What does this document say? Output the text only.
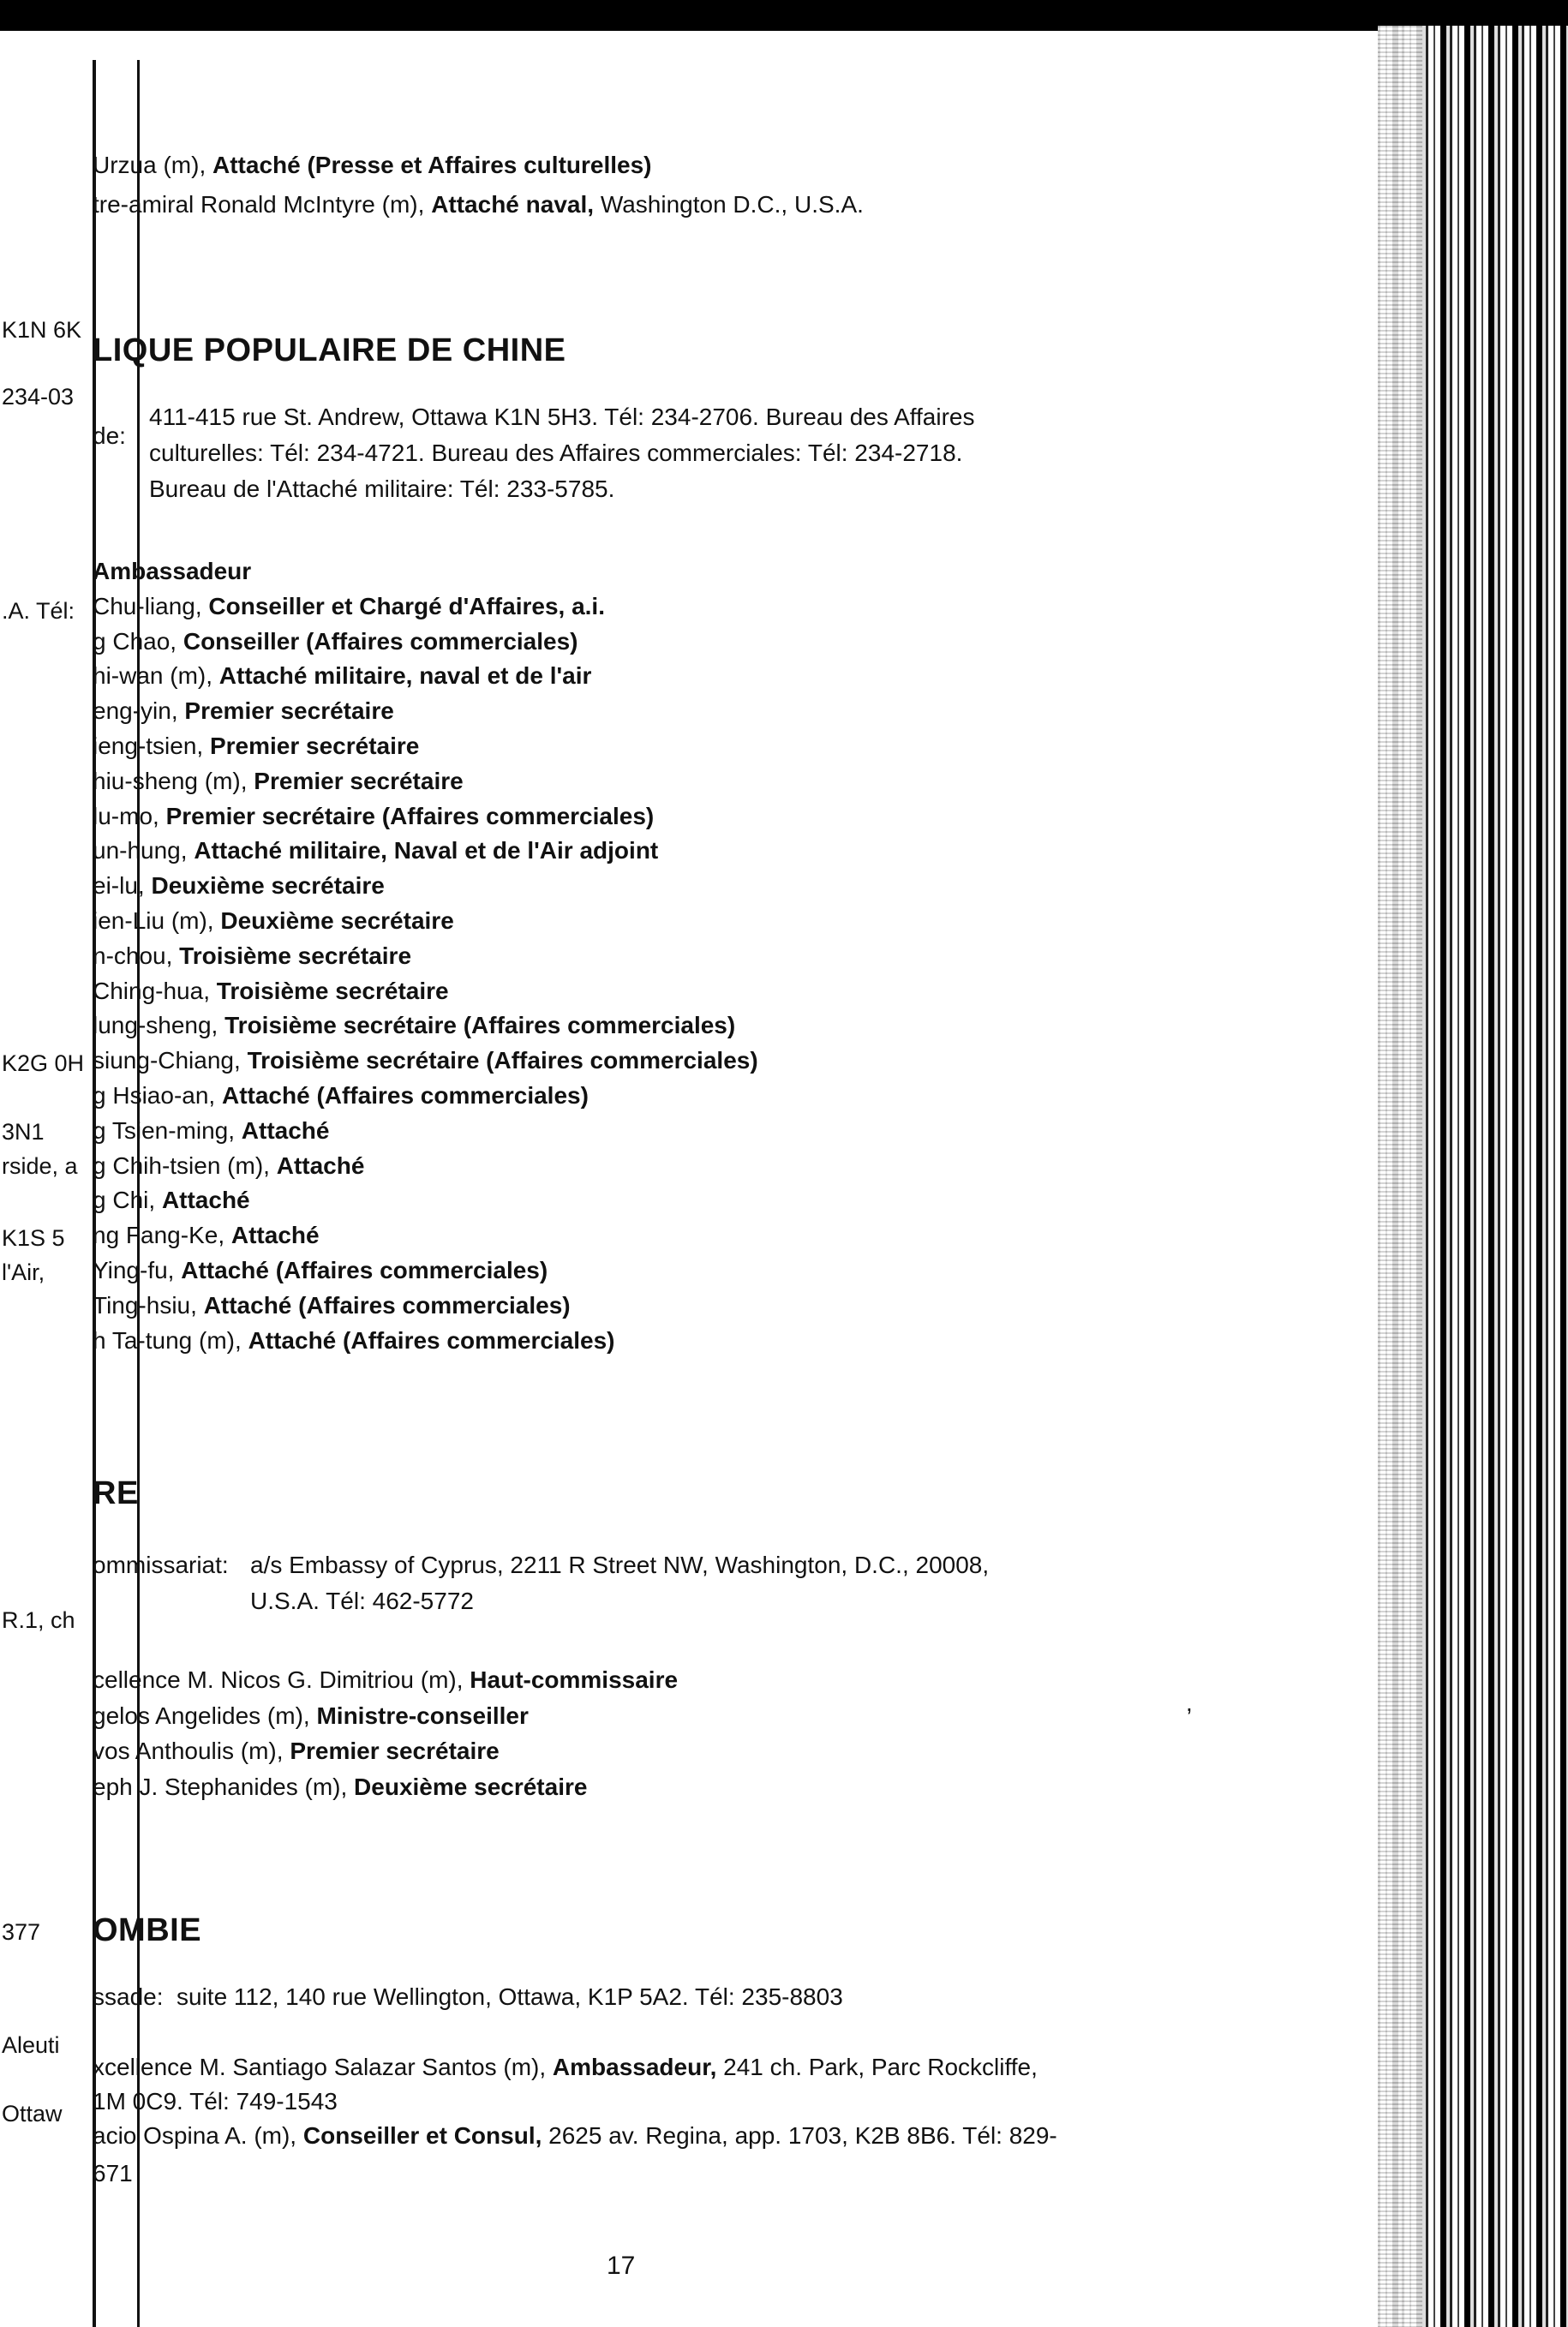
K1N 6K
234-03
.A. Tél:
K2G 0H
3N1
rside, a
K1S 5
l'Air,
R.1, ch
377
Aleuti
Ottaw
Urzua (m), Attaché (Presse et Affaires culturelles)
tre-amiral Ronald McIntyre (m), Attaché naval, Washington D.C., U.S.A.
LIQUE POPULAIRE DE CHINE
de:
411-415 rue St. Andrew, Ottawa K1N 5H3. Tél: 234-2706. Bureau des Affaires
culturelles: Tél: 234-4721. Bureau des Affaires commerciales: Tél: 234-2718.
Bureau de l'Attaché militaire: Tél: 233-5785.
Ambassadeur
Chu-liang, Conseiller et Chargé d'Affaires, a.i.
g Chao, Conseiller (Affaires commerciales)
hi-wan (m), Attaché militaire, naval et de l'air
eng-yin, Premier secrétaire
ieng-tsien, Premier secrétaire
hiu-sheng (m), Premier secrétaire
lu-mo, Premier secrétaire (Affaires commerciales)
un-hung, Attaché militaire, Naval et de l'Air adjoint
ei-lu, Deuxième secrétaire
ien-Liu (m), Deuxième secrétaire
n-chou, Troisième secrétaire
Ching-hua, Troisième secrétaire
lung-sheng, Troisième secrétaire (Affaires commerciales)
siung-Chiang, Troisième secrétaire (Affaires commerciales)
g Hsiao-an, Attaché (Affaires commerciales)
g Tsien-ming, Attaché
g Chih-tsien (m), Attaché
g Chi, Attaché
ng Fang-Ke, Attaché
Ying-fu, Attaché (Affaires commerciales)
Ting-hsiu, Attaché (Affaires commerciales)
h Ta-tung (m), Attaché (Affaires commerciales)
RE
ommissariat: a/s Embassy of Cyprus, 2211 R Street NW, Washington, D.C., 20008,
U.S.A. Tél: 462-5772
cellence M. Nicos G. Dimitriou (m), Haut-commissaire
gelos Angelides (m), Ministre-conseiller
vos Anthoulis (m), Premier secrétaire
eph J. Stephanides (m), Deuxième secrétaire
OMBIE
ssade: suite 112, 140 rue Wellington, Ottawa, K1P 5A2. Tél: 235-8803
xcellence M. Santiago Salazar Santos (m), Ambassadeur, 241 ch. Park, Parc Rockcliffe,
1M 0C9. Tél: 749-1543
acio Ospina A. (m), Conseiller et Consul, 2625 av. Regina, app. 1703, K2B 8B6. Tél: 829-
671
,
17
